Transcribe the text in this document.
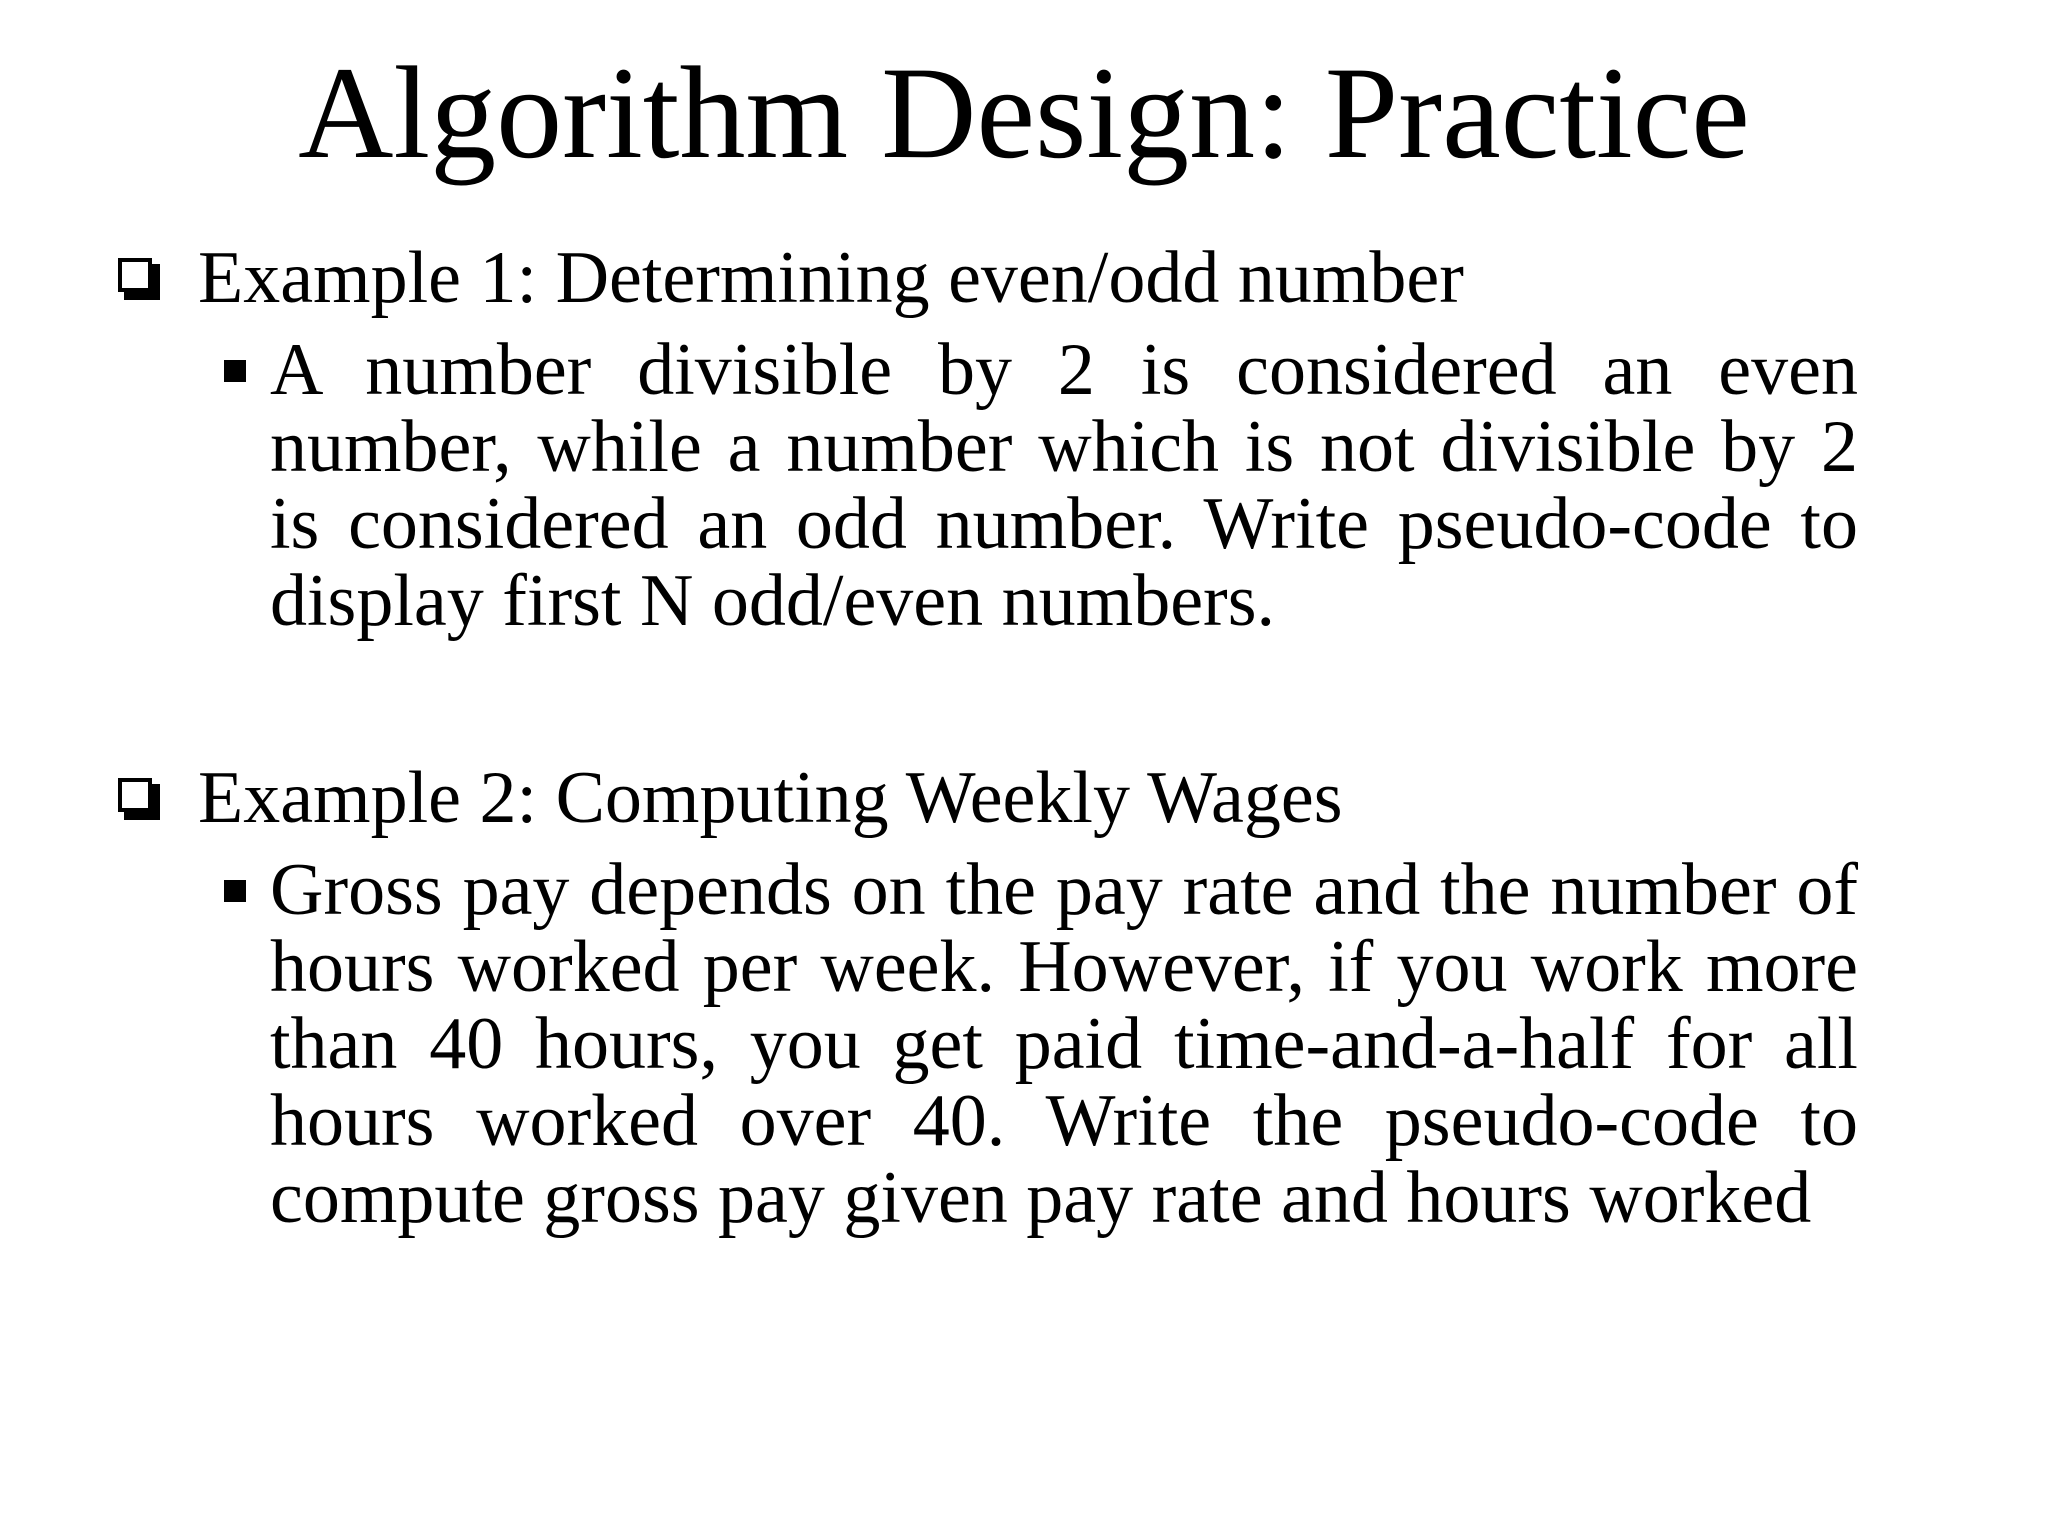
Algorithm Design: Practice
Example 1: Determining even/odd number
A number divisible by 2 is considered an even number, while a number which is not divisible by 2 is considered an odd number. Write pseudo-code to display first N odd/even numbers.
Example 2: Computing Weekly Wages
Gross pay depends on the pay rate and the number of hours worked per week. However, if you work more than 40 hours, you get paid time-and-a-half for all hours worked over 40. Write the pseudo-code to compute gross pay given pay rate and hours worked
